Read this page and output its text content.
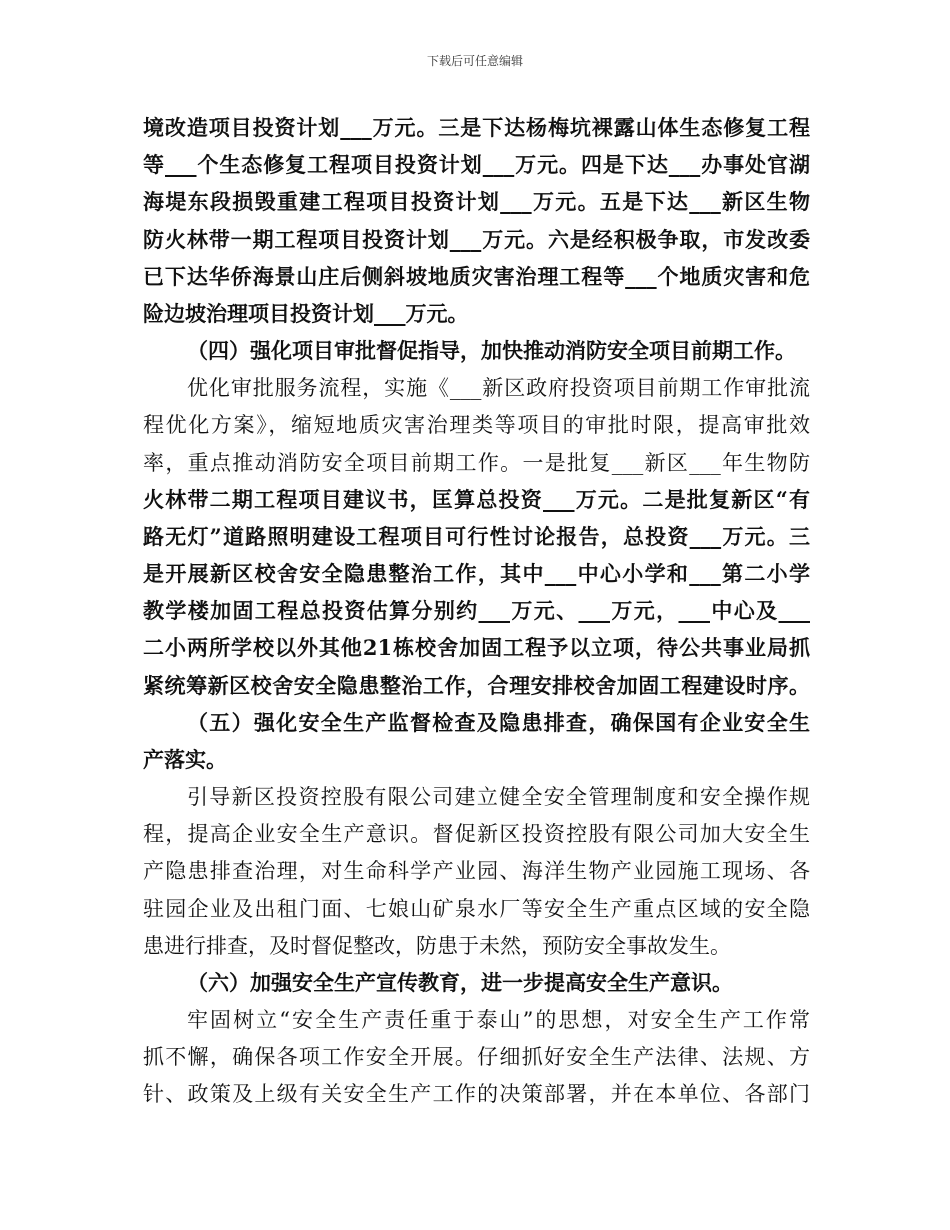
下载后可任意编辑
境改造项目投资计划___万元。三是下达杨梅坑裸露山体生态修复工程
等___个生态修复工程项目投资计划___万元。四是下达___办事处官湖
海堤东段损毁重建工程项目投资计划___万元。五是下达___新区生物
防火林带一期工程项目投资计划___万元。六是经积极争取，市发改委
已下达华侨海景山庄后侧斜坡地质灾害治理工程等___个地质灾害和危
险边坡治理项目投资计划___万元。
（四）强化项目审批督促指导，加快推动消防安全项目前期工作。
优化审批服务流程，实施《___新区政府投资项目前期工作审批流
程优化方案》，缩短地质灾害治理类等项目的审批时限，提高审批效
率，重点推动消防安全项目前期工作。一是批复___新区___年生物防
火林带二期工程项目建议书，匡算总投资___万元。二是批复新区“有
路无灯”道路照明建设工程项目可行性讨论报告，总投资___万元。三
是开展新区校舍安全隐患整治工作，其中___中心小学和___第二小学
教学楼加固工程总投资估算分别约___万元、___万元，___中心及___
二小两所学校以外其他21栋校舍加固工程予以立项，待公共事业局抓
紧统筹新区校舍安全隐患整治工作，合理安排校舍加固工程建设时序。
（五）强化安全生产监督检查及隐患排查，确保国有企业安全生
产落实。
引导新区投资控股有限公司建立健全安全管理制度和安全操作规
程，提高企业安全生产意识。督促新区投资控股有限公司加大安全生
产隐患排查治理，对生命科学产业园、海洋生物产业园施工现场、各
驻园企业及出租门面、七娘山矿泉水厂等安全生产重点区域的安全隐
患进行排查，及时督促整改，防患于未然，预防安全事故发生。
（六）加强安全生产宣传教育，进一步提高安全生产意识。
牢固树立“安全生产责任重于泰山”的思想，对安全生产工作常
抓不懈，确保各项工作安全开展。仔细抓好安全生产法律、法规、方
针、政策及上级有关安全生产工作的决策部署，并在本单位、各部门
